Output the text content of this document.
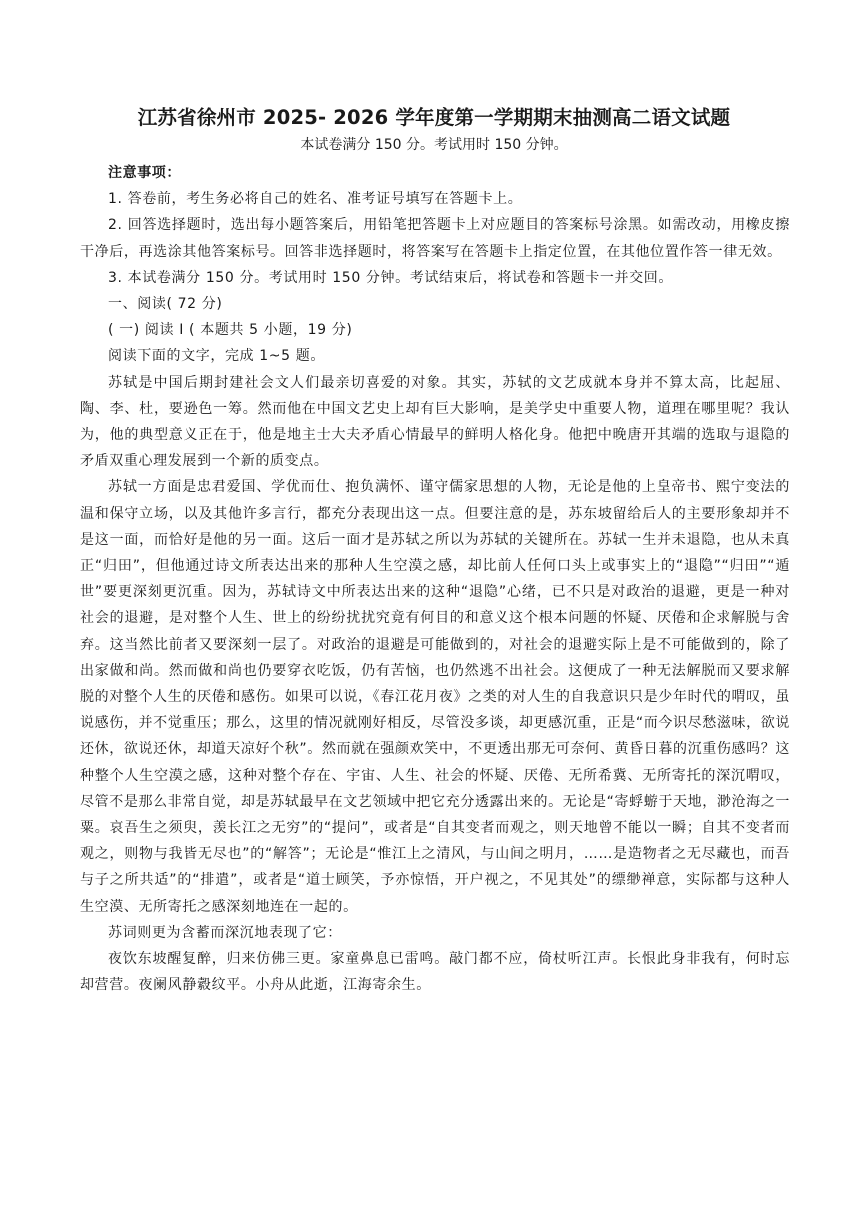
江苏省徐州市 2025- 2026 学年度第一学期期末抽测高二语文试题
本试卷满分 150 分。考试用时 150 分钟。
注意事项：

1. 答卷前，考生务必将自己的姓名、准考证号填写在答题卡上。

2. 回答选择题时，选出每小题答案后，用铅笔把答题卡上对应题目的答案标号涂黑。如需改动，用橡皮擦干净后，再选涂其他答案标号。回答非选择题时，将答案写在答题卡上指定位置，在其他位置作答一律无效。

3. 本试卷满分 150 分。考试用时 150 分钟。考试结束后，将试卷和答题卡一并交回。

一、阅读( 72 分)

( 一) 阅读 I ( 本题共 5 小题，19 分)

阅读下面的文字，完成 1~5 题。

苏轼是中国后期封建社会文人们最亲切喜爱的对象。其实，苏轼的文艺成就本身并不算太高，比起屈、陶、李、杜，要逊色一筹。然而他在中国文艺史上却有巨大影响，是美学史中重要人物，道理在哪里呢？我认为，他的典型意义正在于，他是地主士大夫矛盾心情最早的鲜明人格化身。他把中晚唐开其端的选取与退隐的矛盾双重心理发展到一个新的质变点。

苏轼一方面是忠君爱国、学优而仕、抱负满怀、谨守儒家思想的人物，无论是他的上皇帝书、熙宁变法的温和保守立场，以及其他许多言行，都充分表现出这一点。但要注意的是，苏东坡留给后人的主要形象却并不是这一面，而恰好是他的另一面。这后一面才是苏轼之所以为苏轼的关键所在。苏轼一生并未退隐，也从未真正“归田”，但他通过诗文所表达出来的那种人生空漠之感，却比前人任何口头上或事实上的“退隐”“归田”“遁世”要更深刻更沉重。因为，苏轼诗文中所表达出来的这种“退隐”心绪，已不只是对政治的退避，更是一种对社会的退避，是对整个人生、世上的纷纷扰扰究竟有何目的和意义这个根本问题的怀疑、厌倦和企求解脱与舍弃。这当然比前者又要深刻一层了。对政治的退避是可能做到的，对社会的退避实际上是不可能做到的，除了出家做和尚。然而做和尚也仍要穿衣吃饭，仍有苦恼，也仍然逃不出社会。这便成了一种无法解脱而又要求解脱的对整个人生的厌倦和感伤。如果可以说，《春江花月夜》之类的对人生的自我意识只是少年时代的喟叹，虽说感伤，并不觉重压；那么，这里的情况就刚好相反，尽管没多谈，却更感沉重，正是“而今识尽愁滋味，欲说还休，欲说还休，却道天凉好个秋”。然而就在强颜欢笑中，不更透出那无可奈何、黄昏日暮的沉重伤感吗？这种整个人生空漠之感，这种对整个存在、宇宙、人生、社会的怀疑、厌倦、无所希冀、无所寄托的深沉喟叹，尽管不是那么非常自觉，却是苏轼最早在文艺领域中把它充分透露出来的。无论是“寄蜉蝣于天地，渺沧海之一粟。哀吾生之须臾，羡长江之无穷”的“提问”，或者是“自其变者而观之，则天地曾不能以一瞬；自其不变者而观之，则物与我皆无尽也”的“解答”；无论是“惟江上之清风，与山间之明月，……是造物者之无尽藏也，而吾与子之所共适”的“排遣”，或者是“道士顾笑，予亦惊悟，开户视之，不见其处”的缥缈禅意，实际都与这种人生空漠、无所寄托之感深刻地连在一起的。

苏词则更为含蓄而深沉地表现了它：

夜饮东坡醒复醉，归来仿佛三更。家童鼻息已雷鸣。敲门都不应，倚杖听江声。长恨此身非我有，何时忘却营营。夜阑风静縠纹平。小舟从此逝，江海寄余生。
